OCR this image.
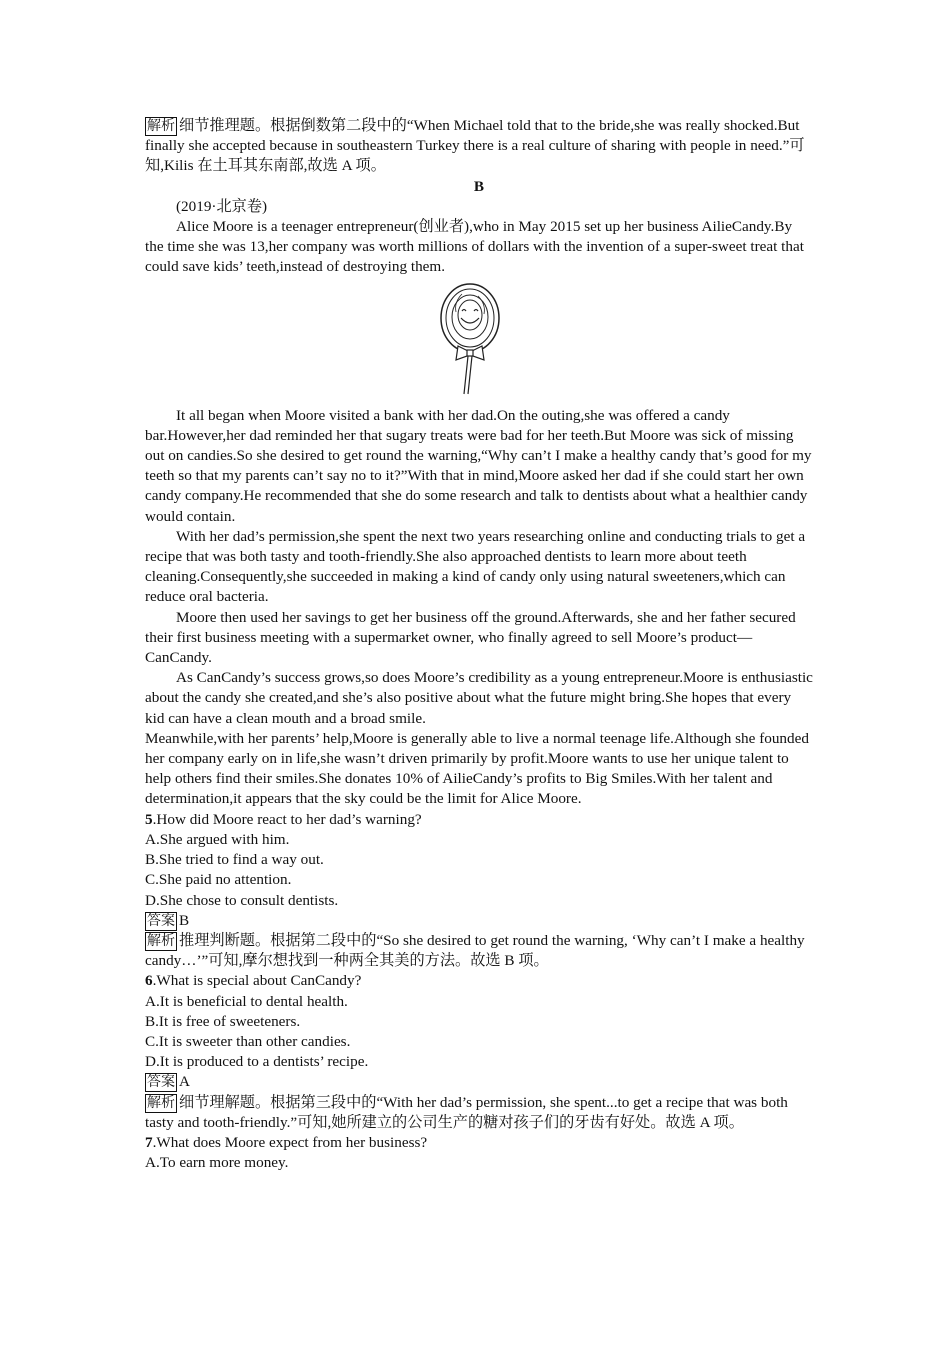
解析 细节推理题。根据倒数第二段中的“When Michael told that to the bride,she was really shocked.But finally she accepted because in southeastern Turkey there is a real culture of sharing with people in need.”可知,Kilis 在土耳其东南部,故选 A 项。

B

(2019·北京卷)

Alice Moore is a teenager entrepreneur(创业者),who in May 2015 set up her business AilieCandy.By the time she was 13,her company was worth millions of dollars with the invention of a super-sweet treat that could save kids’ teeth,instead of destroying them.

It all began when Moore visited a bank with her dad.On the outing,she was offered a candy bar.However,her dad reminded her that sugary treats were bad for her teeth.But Moore was sick of missing out on candies.So she desired to get round the warning,“Why can’t I make a healthy candy that’s good for my teeth so that my parents can’t say no to it?”With that in mind,Moore asked her dad if she could start her own candy company.He recommended that she do some research and talk to dentists about what a healthier candy would contain.

With her dad’s permission,she spent the next two years researching online and conducting trials to get a recipe that was both tasty and tooth-friendly.She also approached dentists to learn more about teeth cleaning.Consequently,she succeeded in making a kind of candy only using natural sweeteners,which can reduce oral bacteria.

Moore then used her savings to get her business off the ground.Afterwards, she and her father secured their first business meeting with a supermarket owner, who finally agreed to sell Moore’s product—CanCandy.

As CanCandy’s success grows,so does Moore’s credibility as a young entrepreneur.Moore is enthusiastic about the candy she created,and she’s also positive about what the future might bring.She hopes that every kid can have a clean mouth and a broad smile.

Meanwhile,with her parents’ help,Moore is generally able to live a normal teenage life.Although she founded her company early on in life,she wasn’t driven primarily by profit.Moore wants to use her unique talent to help others find their smiles.She donates 10% of AilieCandy’s profits to Big Smiles.With her talent and determination,it appears that the sky could be the limit for Alice Moore.

5.How did Moore react to her dad’s warning?

A.She argued with him.

B.She tried to find a way out.

C.She paid no attention.

D.She chose to consult dentists.

答案 B

解析 推理判断题。根据第二段中的“So she desired to get round the warning, ‘Why can’t I make a healthy candy…’”可知,摩尔想找到一种两全其美的方法。故选 B 项。

6.What is special about CanCandy?

A.It is beneficial to dental health.

B.It is free of sweeteners.

C.It is sweeter than other candies.

D.It is produced to a dentists’ recipe.

答案 A

解析 细节理解题。根据第三段中的“With her dad’s permission, she spent...to get a recipe that was both tasty and tooth-friendly.”可知,她所建立的公司生产的糖对孩子们的牙齿有好处。故选 A 项。

7.What does Moore expect from her business?

A.To earn more money.
